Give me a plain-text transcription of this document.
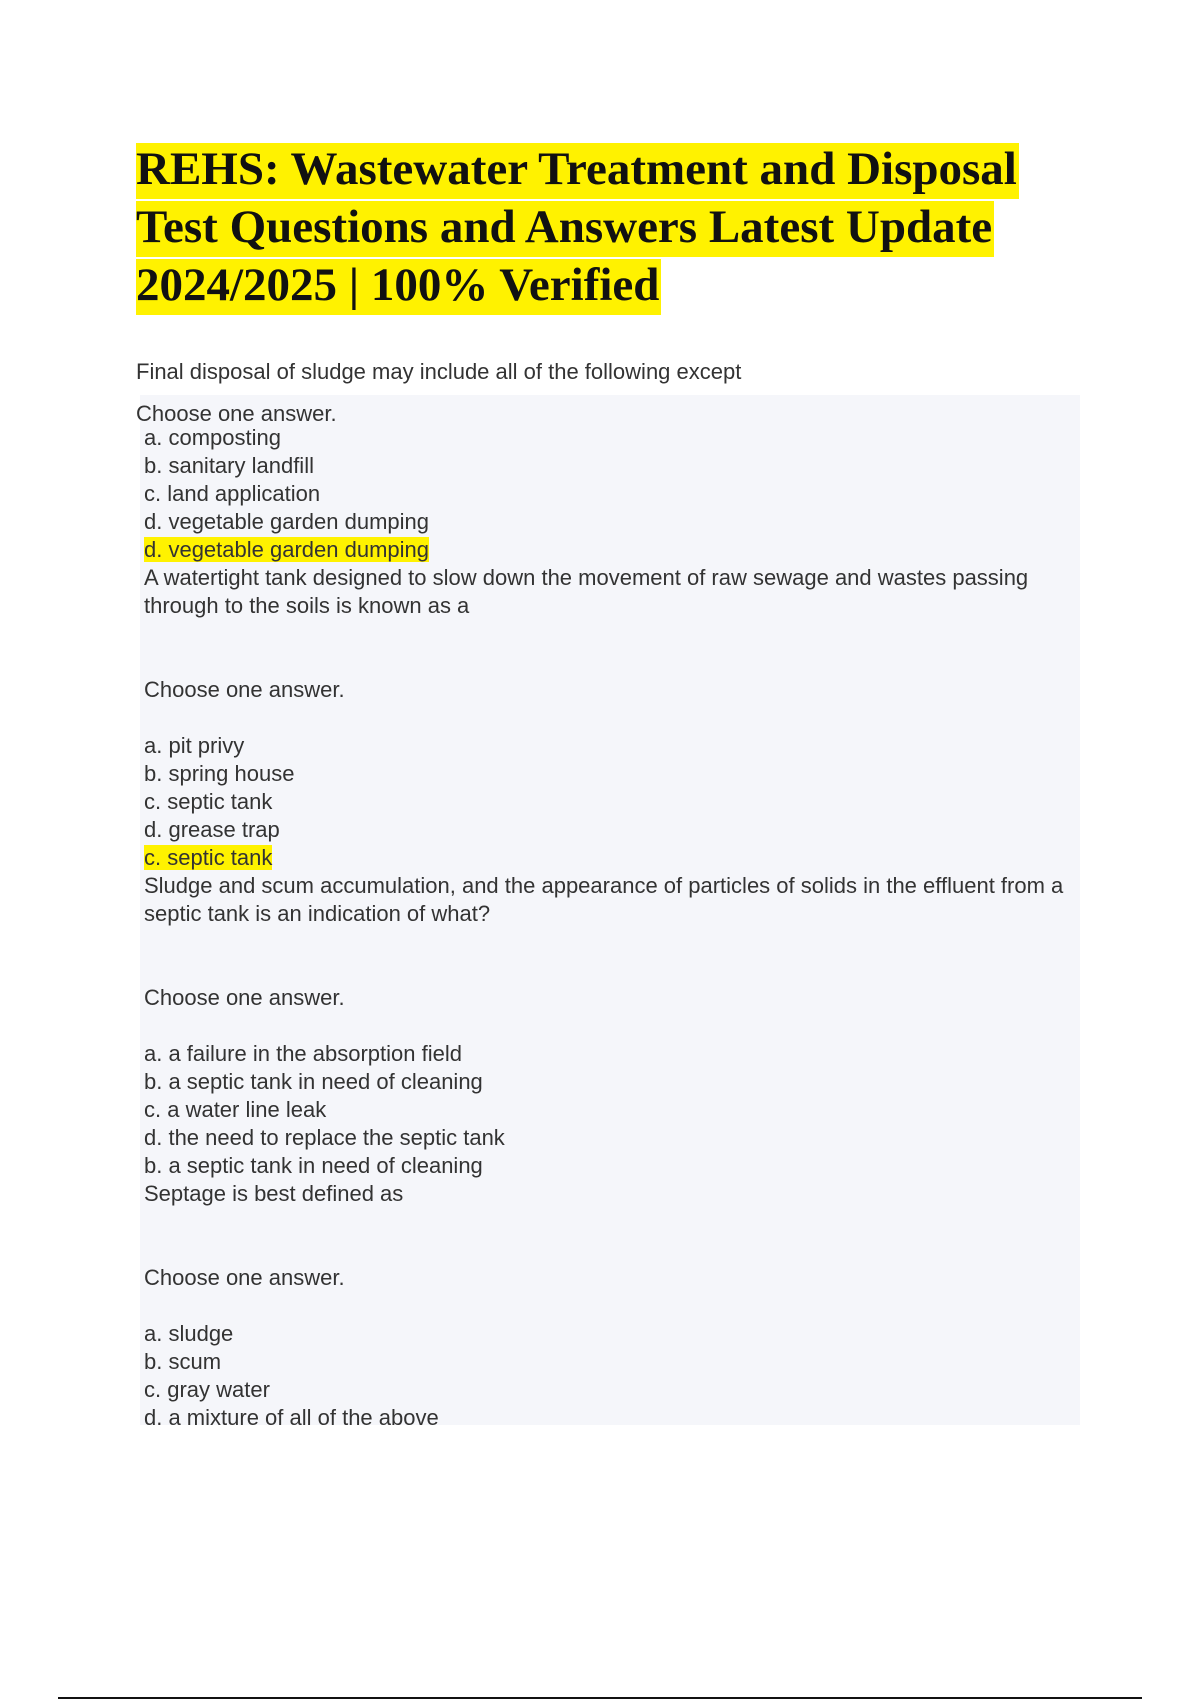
REHS: Wastewater Treatment and Disposal
Test Questions and Answers Latest Update
2024/2025 | 100% Verified
Final disposal of sludge may include all of the following except
Choose one answer.
a. composting
b. sanitary landfill
c. land application
d. vegetable garden dumping
d. vegetable garden dumping
A watertight tank designed to slow down the movement of raw sewage and wastes passing through to the soils is known as a
Choose one answer.
a. pit privy
b. spring house
c. septic tank
d. grease trap
c. septic tank
Sludge and scum accumulation, and the appearance of particles of solids in the effluent from a septic tank is an indication of what?
Choose one answer.
a. a failure in the absorption field
b. a septic tank in need of cleaning
c. a water line leak
d. the need to replace the septic tank
b. a septic tank in need of cleaning
Septage is best defined as
Choose one answer.
a. sludge
b. scum
c. gray water
d. a mixture of all of the above
